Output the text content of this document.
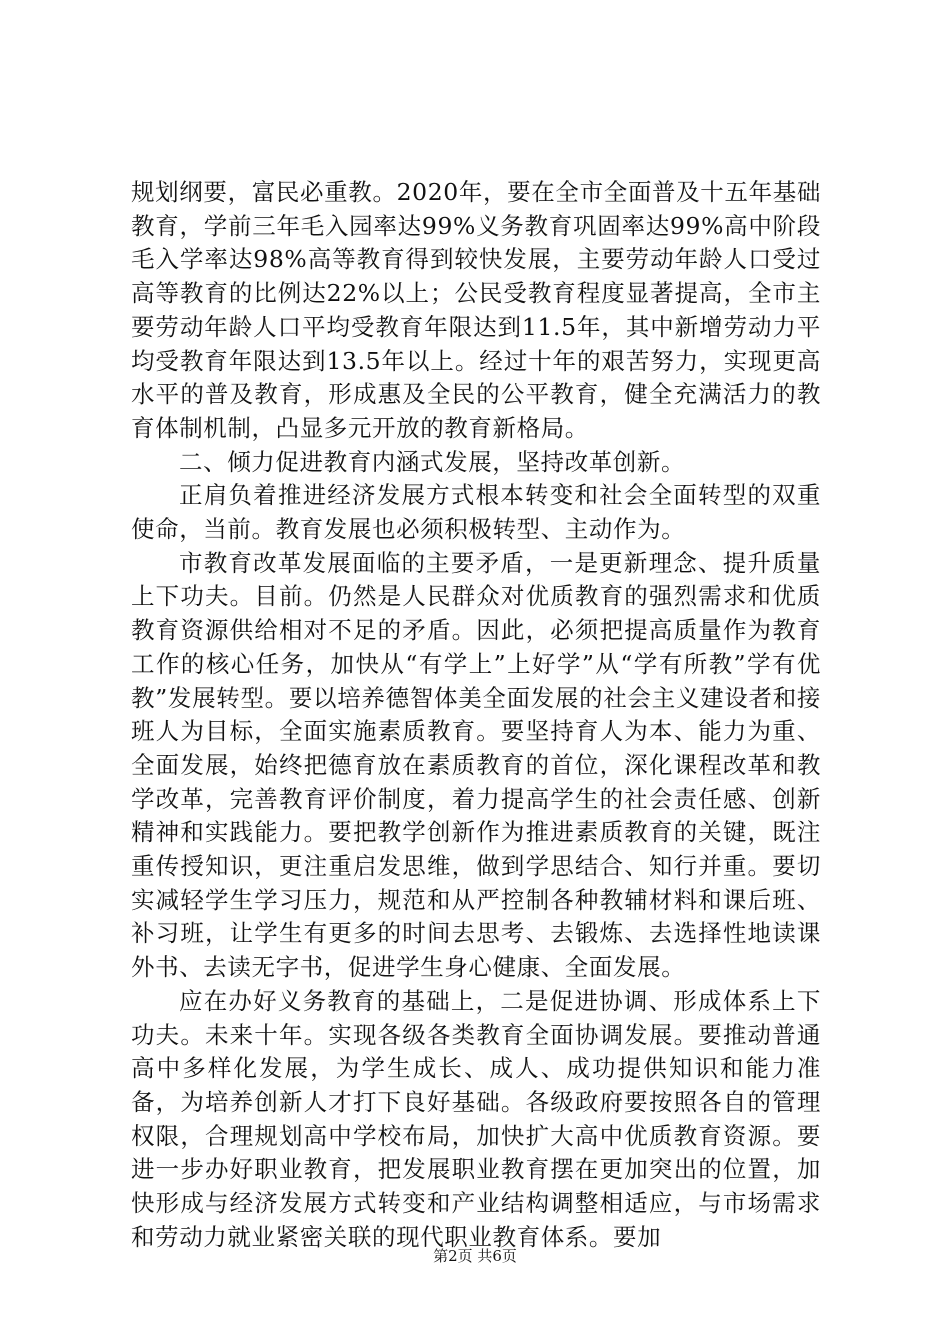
规划纲要，富民必重教。2020年，要在全市全面普及十五年基础教育，学前三年毛入园率达99%义务教育巩固率达99%高中阶段毛入学率达98%高等教育得到较快发展，主要劳动年龄人口受过高等教育的比例达22%以上；公民受教育程度显著提高，全市主要劳动年龄人口平均受教育年限达到11.5年，其中新增劳动力平均受教育年限达到13.5年以上。经过十年的艰苦努力，实现更高水平的普及教育，形成惠及全民的公平教育，健全充满活力的教育体制机制，凸显多元开放的教育新格局。

二、倾力促进教育内涵式发展，坚持改革创新。

正肩负着推进经济发展方式根本转变和社会全面转型的双重使命，当前。教育发展也必须积极转型、主动作为。

市教育改革发展面临的主要矛盾，一是更新理念、提升质量上下功夫。目前。仍然是人民群众对优质教育的强烈需求和优质教育资源供给相对不足的矛盾。因此，必须把提高质量作为教育工作的核心任务，加快从“有学上”上好学”从“学有所教”学有优教”发展转型。要以培养德智体美全面发展的社会主义建设者和接班人为目标，全面实施素质教育。要坚持育人为本、能力为重、全面发展，始终把德育放在素质教育的首位，深化课程改革和教学改革，完善教育评价制度，着力提高学生的社会责任感、创新精神和实践能力。要把教学创新作为推进素质教育的关键，既注重传授知识，更注重启发思维，做到学思结合、知行并重。要切实减轻学生学习压力，规范和从严控制各种教辅材料和课后班、补习班，让学生有更多的时间去思考、去锻炼、去选择性地读课外书、去读无字书，促进学生身心健康、全面发展。

应在办好义务教育的基础上，二是促进协调、形成体系上下功夫。未来十年。实现各级各类教育全面协调发展。要推动普通高中多样化发展，为学生成长、成人、成功提供知识和能力准备，为培养创新人才打下良好基础。各级政府要按照各自的管理权限，合理规划高中学校布局，加快扩大高中优质教育资源。要进一步办好职业教育，把发展职业教育摆在更加突出的位置，加快形成与经济发展方式转变和产业结构调整相适应，与市场需求和劳动力就业紧密关联的现代职业教育体系。要加

第2页 共6页
